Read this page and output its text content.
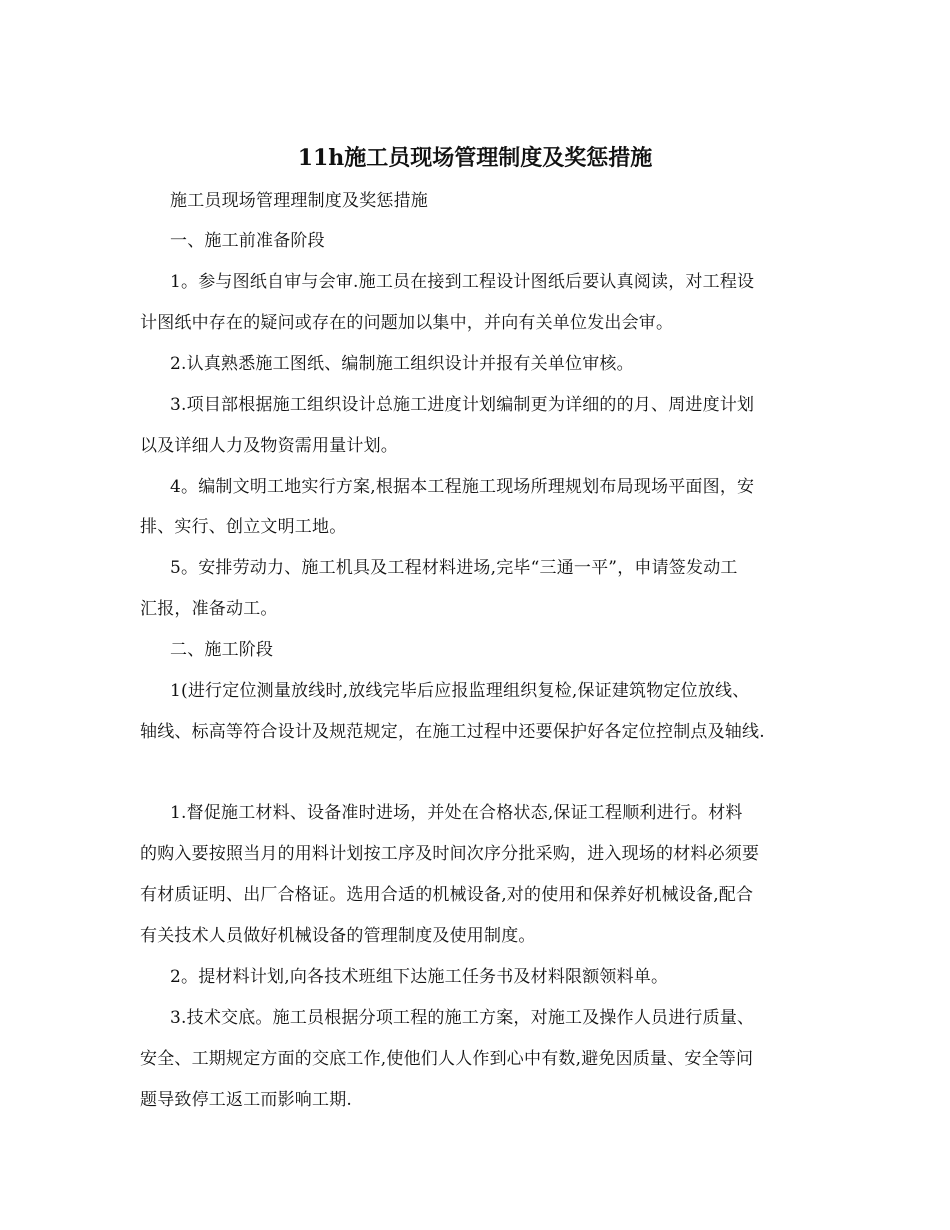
11h施工员现场管理制度及奖惩措施
施工员现场管理理制度及奖惩措施
一、施工前准备阶段
1。参与图纸自审与会审.施工员在接到工程设计图纸后要认真阅读，对工程设
计图纸中存在的疑问或存在的问题加以集中，并向有关单位发出会审。
2.认真熟悉施工图纸、编制施工组织设计并报有关单位审核。
3.项目部根据施工组织设计总施工进度计划编制更为详细的的月、周进度计划
以及详细人力及物资需用量计划。
4。编制文明工地实行方案,根据本工程施工现场所理规划布局现场平面图，安
排、实行、创立文明工地。
5。安排劳动力、施工机具及工程材料进场,完毕“三通一平”，申请签发动工
汇报，准备动工。
二、施工阶段
1(进行定位测量放线时,放线完毕后应报监理组织复检,保证建筑物定位放线、
轴线、标高等符合设计及规范规定，在施工过程中还要保护好各定位控制点及轴线.
1.督促施工材料、设备准时进场，并处在合格状态,保证工程顺利进行。材料
的购入要按照当月的用料计划按工序及时间次序分批采购，进入现场的材料必须要
有材质证明、出厂合格证。选用合适的机械设备,对的使用和保养好机械设备,配合
有关技术人员做好机械设备的管理制度及使用制度。
2。提材料计划,向各技术班组下达施工任务书及材料限额领料单。
3.技术交底。施工员根据分项工程的施工方案，对施工及操作人员进行质量、
安全、工期规定方面的交底工作,使他们人人作到心中有数,避免因质量、安全等问
题导致停工返工而影响工期.
